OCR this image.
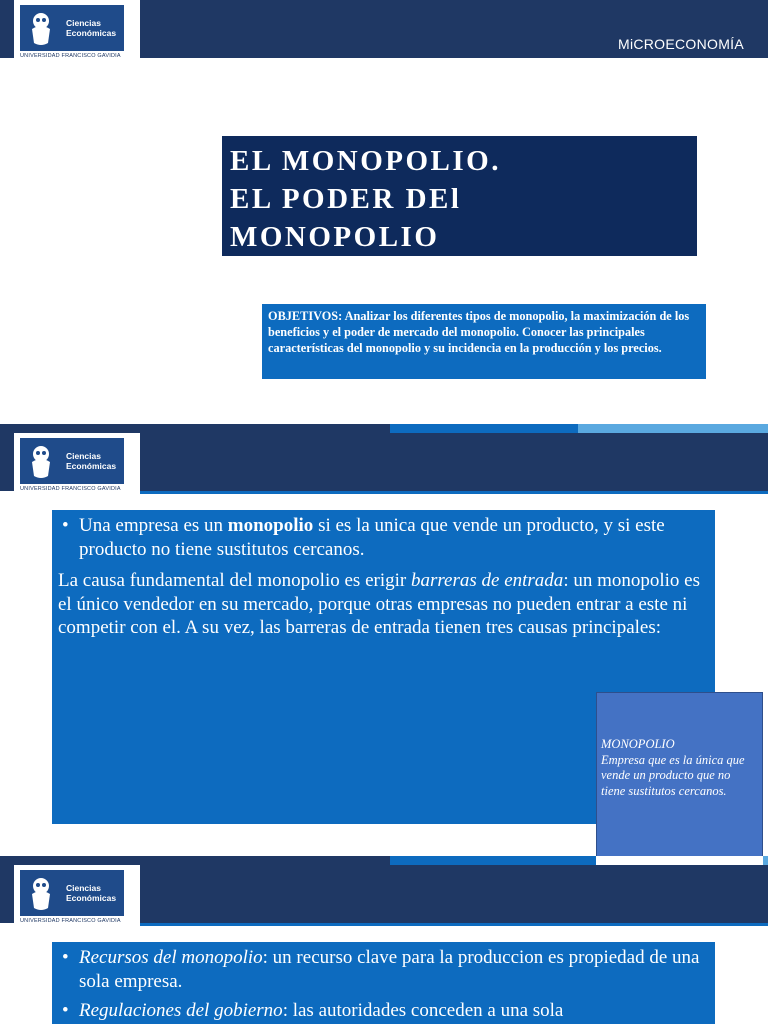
Ciencias
Económicas
UNIVERSIDAD FRANCISCO GAVIDIA
MiCROECONOMÍA
EL MONOPOLIO.
EL PODER DEl
MONOPOLIO
OBJETIVOS: Analizar los diferentes tipos de monopolio, la maximización de los beneficios y el poder de mercado del monopolio. Conocer las principales características del monopolio y su incidencia en la producción y los precios.
Ciencias
Económicas
UNIVERSIDAD FRANCISCO GAVIDIA
• Una empresa es un monopolio si es la unica que vende un producto, y si este producto no tiene sustitutos cercanos.
La causa fundamental del monopolio es erigir barreras de entrada: un monopolio es el único vendedor en su mercado, porque otras empresas no pueden entrar a este ni competir con el. A su vez, las barreras de entrada tienen tres causas principales:
MONOPOLIO
Empresa que es la única que vende un producto que no tiene sustitutos cercanos.
Ciencias
Económicas
UNIVERSIDAD FRANCISCO GAVIDIA
• Recursos del monopolio: un recurso clave para la produccion es propiedad de una sola empresa.
• Regulaciones del gobierno: las autoridades conceden a una sola
